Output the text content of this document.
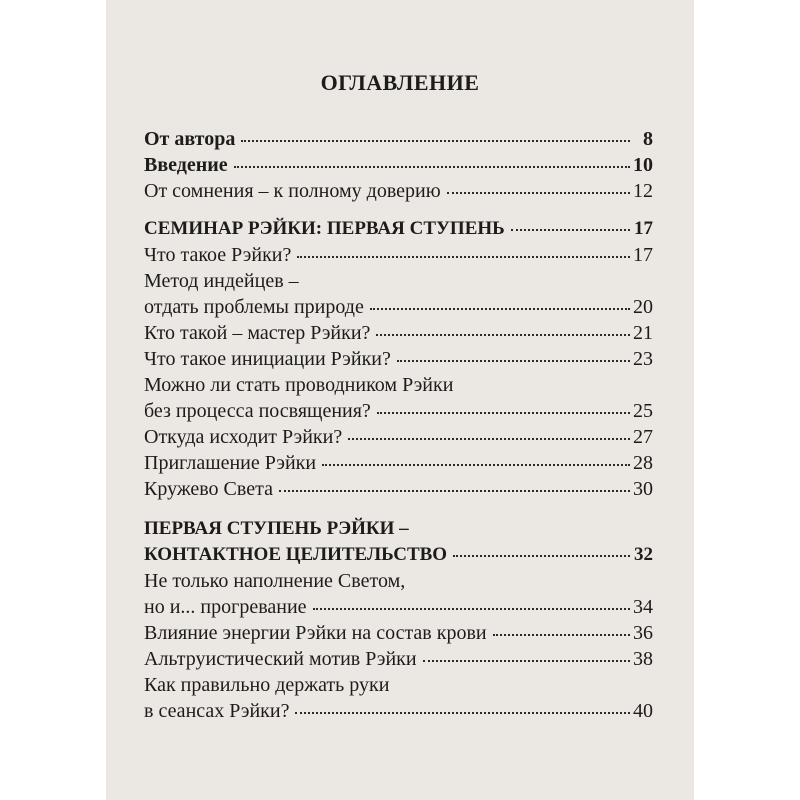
ОГЛАВЛЕНИЕ
От автора	8
Введение	10
От сомнения – к полному доверию	12
СЕМИНАР РЭЙКИ: ПЕРВАЯ СТУПЕНЬ	17
Что такое Рэйки?	17
Метод индейцев –
отдать проблемы природе	20
Кто такой – мастер Рэйки?	21
Что такое инициации Рэйки?	23
Можно ли стать проводником Рэйки
без процесса посвящения?	25
Откуда исходит Рэйки?	27
Приглашение Рэйки	28
Кружево Света	30
ПЕРВАЯ СТУПЕНЬ РЭЙКИ –
КОНТАКТНОЕ ЦЕЛИТЕЛЬСТВО	32
Не только наполнение Светом,
но и... прогревание	34
Влияние энергии Рэйки на состав крови	36
Альтруистический мотив Рэйки	38
Как правильно держать руки
в сеансах Рэйки?	40
